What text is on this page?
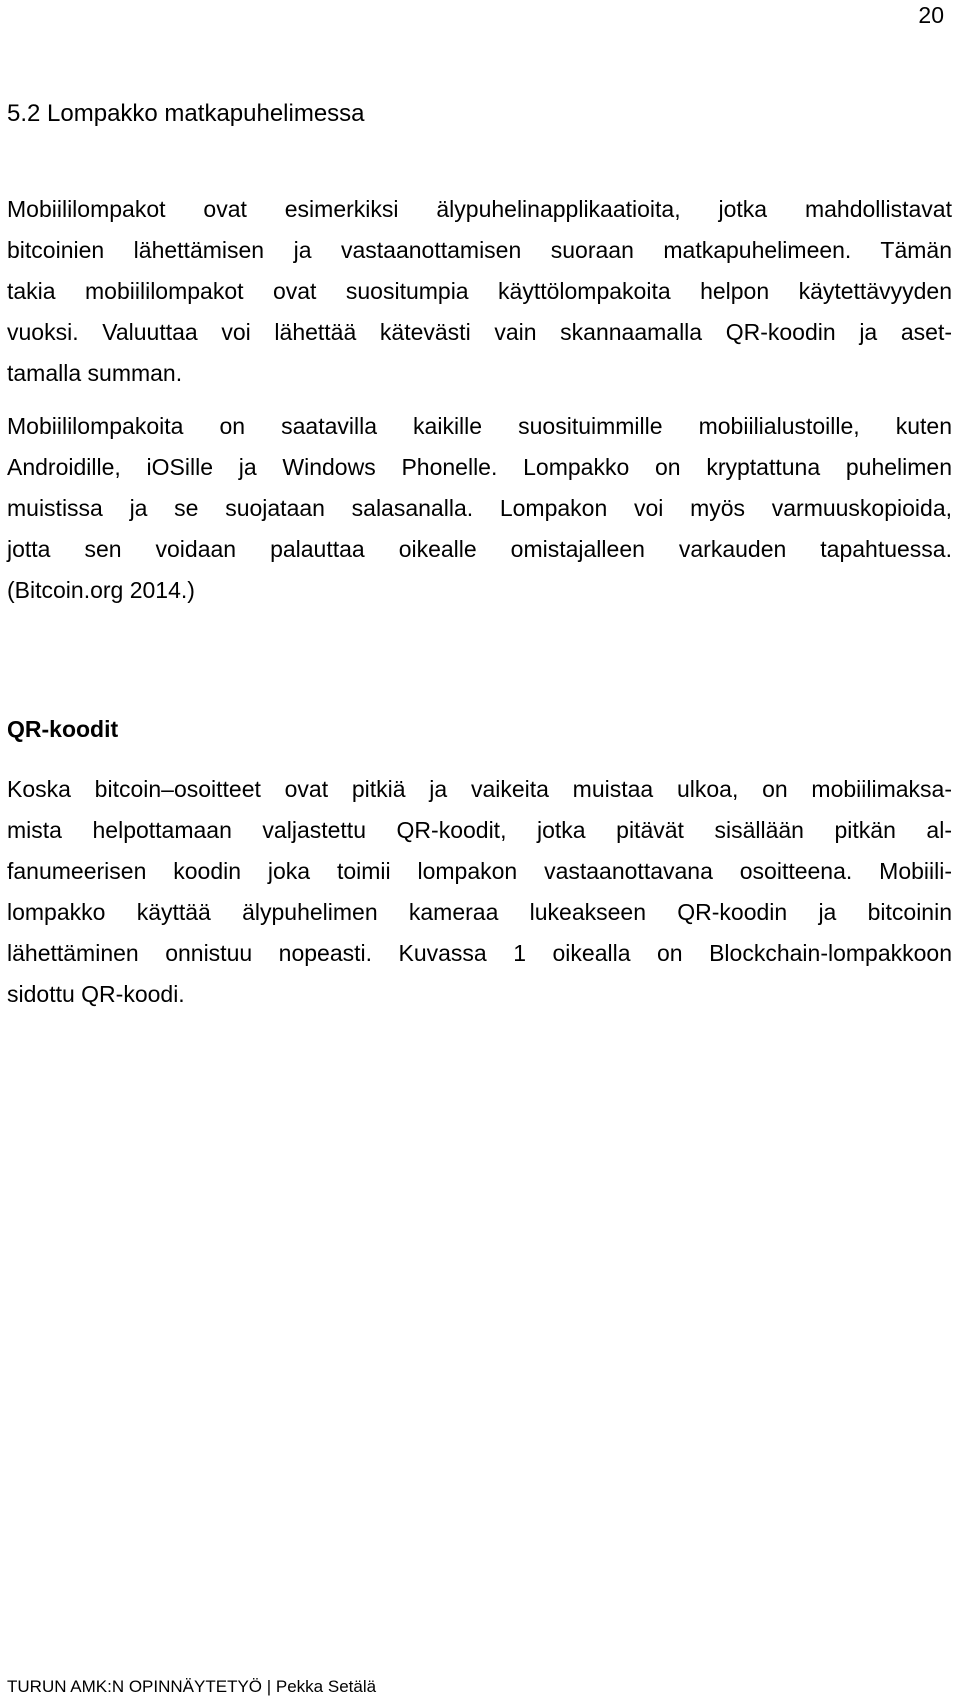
20
5.2 Lompakko matkapuhelimessa

Mobiililompakot ovat esimerkiksi älypuhelinapplikaatioita, jotka mahdollistavat
bitcoinien lähettämisen ja vastaanottamisen suoraan matkapuhelimeen. Tämän
takia mobiililompakot ovat suositumpia käyttölompakoita helpon käytettävyyden
vuoksi. Valuuttaa voi lähettää kätevästi vain skannaamalla QR-koodin ja aset-
tamalla summan.

Mobiililompakoita on saatavilla kaikille suosituimmille mobiilialustoille, kuten
Androidille, iOSille ja Windows Phonelle. Lompakko on kryptattuna puhelimen
muistissa ja se suojataan salasanalla. Lompakon voi myös varmuuskopioida,
jotta sen voidaan palauttaa oikealle omistajalleen varkauden tapahtuessa.
(Bitcoin.org 2014.)

QR-koodit

Koska bitcoin–osoitteet ovat pitkiä ja vaikeita muistaa ulkoa, on mobiilimaksa-
mista helpottamaan valjastettu QR-koodit, jotka pitävät sisällään pitkän al-
fanumeerisen koodin joka toimii lompakon vastaanottavana osoitteena. Mobiili-
lompakko käyttää älypuhelimen kameraa lukeakseen QR-koodin ja bitcoinin
lähettäminen onnistuu nopeasti. Kuvassa 1 oikealla on Blockchain-lompakkoon
sidottu QR-koodi.

TURUN AMK:N OPINNÄYTETYÖ | Pekka Setälä
